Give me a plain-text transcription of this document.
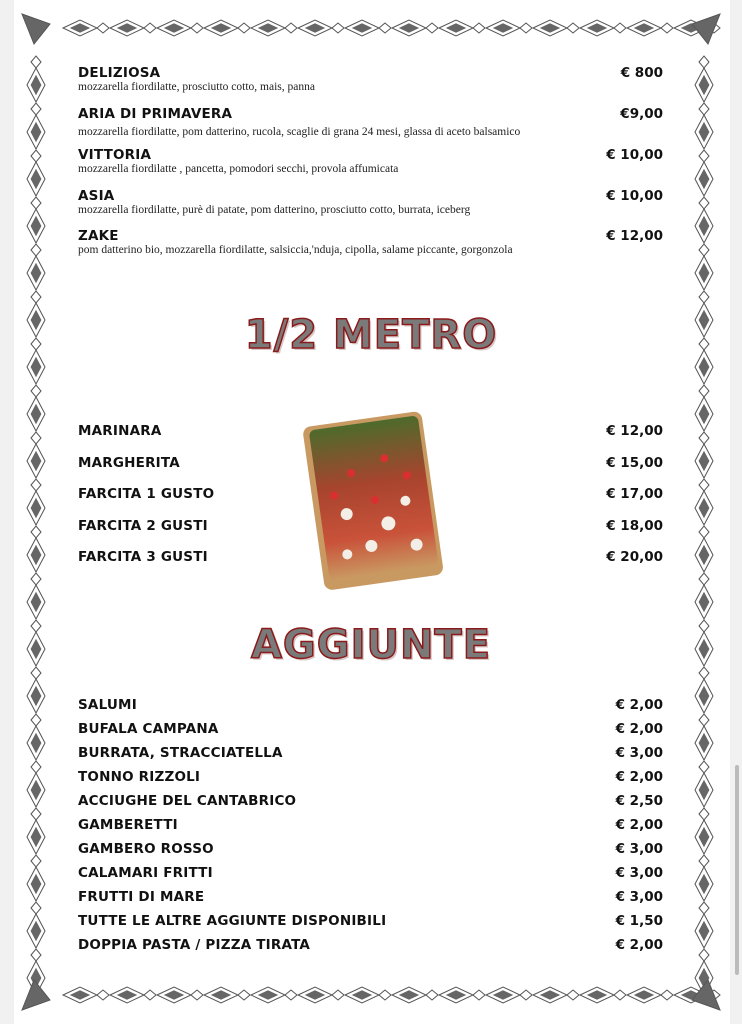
DELIZIOSA	€ 800
mozzarella fiordilatte, prosciutto cotto, mais, panna
ARIA DI PRIMAVERA	€9,00
mozzarella fiordilatte, pom datterino, rucola, scaglie di grana 24 mesi, glassa di aceto balsamico
VITTORIA	€ 10,00
mozzarella fiordilatte , pancetta, pomodori secchi, provola affumicata
ASIA	€ 10,00
mozzarella fiordilatte, purè di patate, pom datterino, prosciutto cotto, burrata, iceberg
ZAKE	€ 12,00
pom datterino bio, mozzarella fiordilatte, salsiccia,'nduja, cipolla, salame piccante, gorgonzola
1/2 METRO
MARINARA	€ 12,00
MARGHERITA	€ 15,00
FARCITA 1 GUSTO	€ 17,00
FARCITA 2 GUSTI	€ 18,00
FARCITA 3 GUSTI	€ 20,00
AGGIUNTE
SALUMI	€ 2,00
BUFALA CAMPANA	€ 2,00
BURRATA, STRACCIATELLA	€ 3,00
TONNO RIZZOLI	€ 2,00
ACCIUGHE DEL CANTABRICO	€ 2,50
GAMBERETTI	€ 2,00
GAMBERO ROSSO	€ 3,00
CALAMARI FRITTI	€ 3,00
FRUTTI DI MARE	€ 3,00
TUTTE LE ALTRE AGGIUNTE DISPONIBILI	€ 1,50
DOPPIA PASTA / PIZZA TIRATA	€ 2,00
